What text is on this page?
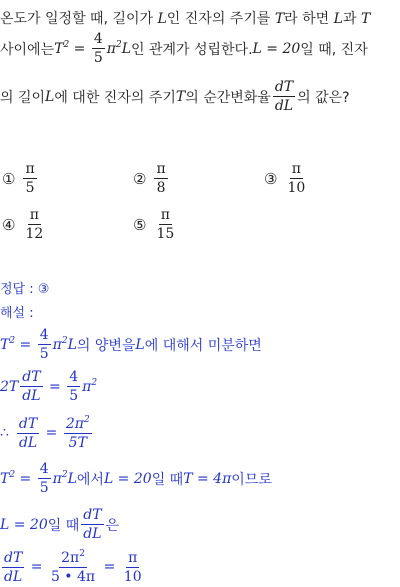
온도가 일정할 때, 길이가 L인 진자의 주기를 T라 하면 L과 T
사이에는 $T^2 = \frac{4}{5} \pi^2L$ 인 관계가 성립한다. L = 20 일 때, 진자
의 길이 L 에 대한 진자의 주기 T 의 순간변화율 $\frac{dT}{dL}$ 의 값은?
① $\frac{\pi}{5}$	② $\frac{\pi}{8}$	③ $\frac{\pi}{10}$
④ $\frac{\pi}{12}$	⑤ $\frac{\pi}{15}$
정답 : ③
해설 :
$T^2 = \frac{4}{5} \pi^2L$ 의 양변을 L 에 대해서 미분하면
$2T \frac{dT}{dL} = \frac{4}{5} \pi^2$
∴ $\frac{dT}{dL} = \frac{2\pi^2}{5T}$
$T^2 = \frac{4}{5} \pi^2L$ 에서 L = 20 일 때 T = 4π 이므로
L = 20 일 때 $\frac{dT}{dL}$ 은
$\frac{dT}{dL} = \frac{2\pi^2}{5 • 4\pi} = \frac{\pi}{10}$
